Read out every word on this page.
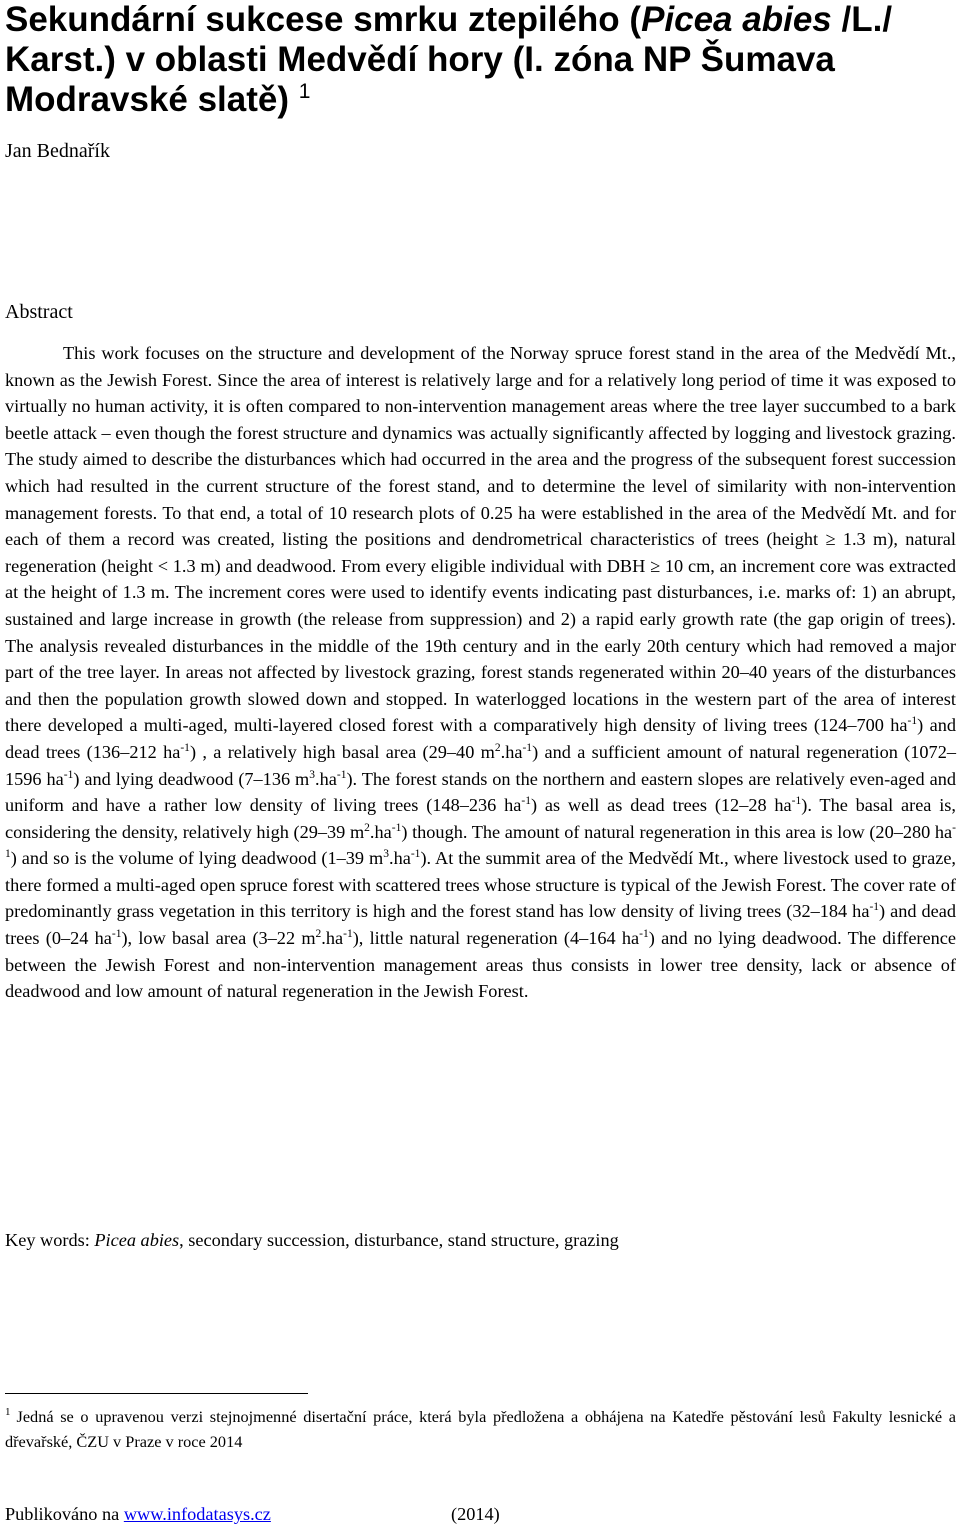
Sekundární sukcese smrku ztepilého (Picea abies /L./ Karst.) v oblasti Medvědí hory (I. zóna NP Šumava Modravské slatě) $^1$
Jan Bednařík
Abstract

This work focuses on the structure and development of the Norway spruce forest stand in the area of the Medvědí Mt., known as the Jewish Forest. Since the area of interest is relatively large and for a relatively long period of time it was exposed to virtually no human activity, it is often compared to non-intervention management areas where the tree layer succumbed to a bark beetle attack – even though the forest structure and dynamics was actually significantly affected by logging and livestock grazing. The study aimed to describe the disturbances which had occurred in the area and the progress of the subsequent forest succession which had resulted in the current structure of the forest stand, and to determine the level of similarity with non-intervention management forests. To that end, a total of 10 research plots of 0.25 ha were established in the area of the Medvědí Mt. and for each of them a record was created, listing the positions and dendrometrical characteristics of trees (height ≥ 1.3 m), natural regeneration (height < 1.3 m) and deadwood. From every eligible individual with DBH ≥ 10 cm, an increment core was extracted at the height of 1.3 m. The increment cores were used to identify events indicating past disturbances, i.e. marks of: 1) an abrupt, sustained and large increase in growth (the release from suppression) and 2) a rapid early growth rate (the gap origin of trees). The analysis revealed disturbances in the middle of the 19th century and in the early 20th century which had removed a major part of the tree layer. In areas not affected by livestock grazing, forest stands regenerated within 20–40 years of the disturbances and then the population growth slowed down and stopped. In waterlogged locations in the western part of the area of interest there developed a multi-aged, multi-layered closed forest with a comparatively high density of living trees (124–700 $ha^{-1}$) and dead trees (136–212 $ha^{-1}$) , a relatively high basal area (29–40 $m^2.ha^{-1}$) and a sufficient amount of natural regeneration (1072–1596 $ha^{-1}$) and lying deadwood (7–136 $m^3.ha^{-1}$). The forest stands on the northern and eastern slopes are relatively even-aged and uniform and have a rather low density of living trees (148–236 $ha^{-1}$) as well as dead trees (12–28 $ha^{-1}$). The basal area is, considering the density, relatively high (29–39 $m^2.ha^{-1}$) though. The amount of natural regeneration in this area is low (20–280 $ha^{-1}$) and so is the volume of lying deadwood (1–39 $m^3.ha^{-1}$). At the summit area of the Medvědí Mt., where livestock used to graze, there formed a multi-aged open spruce forest with scattered trees whose structure is typical of the Jewish Forest. The cover rate of predominantly grass vegetation in this territory is high and the forest stand has low density of living trees (32–184 $ha^{-1}$) and dead trees (0–24 $ha^{-1}$), low basal area (3–22 $m^2.ha^{-1}$), little natural regeneration (4–164 $ha^{-1}$) and no lying deadwood. The difference between the Jewish Forest and non-intervention management areas thus consists in lower tree density, lack or absence of deadwood and low amount of natural regeneration in the Jewish Forest.

Key words: Picea abies, secondary succession, disturbance, stand structure, grazing

$^1$ Jedná se o upravenou verzi stejnojmenné disertační práce, která byla předložena a obhájena na Katedře pěstování lesů Fakulty lesnické a dřevařské, ČZU v Praze v roce 2014

Publikováno na www.infodatasys.cz	(2014)
